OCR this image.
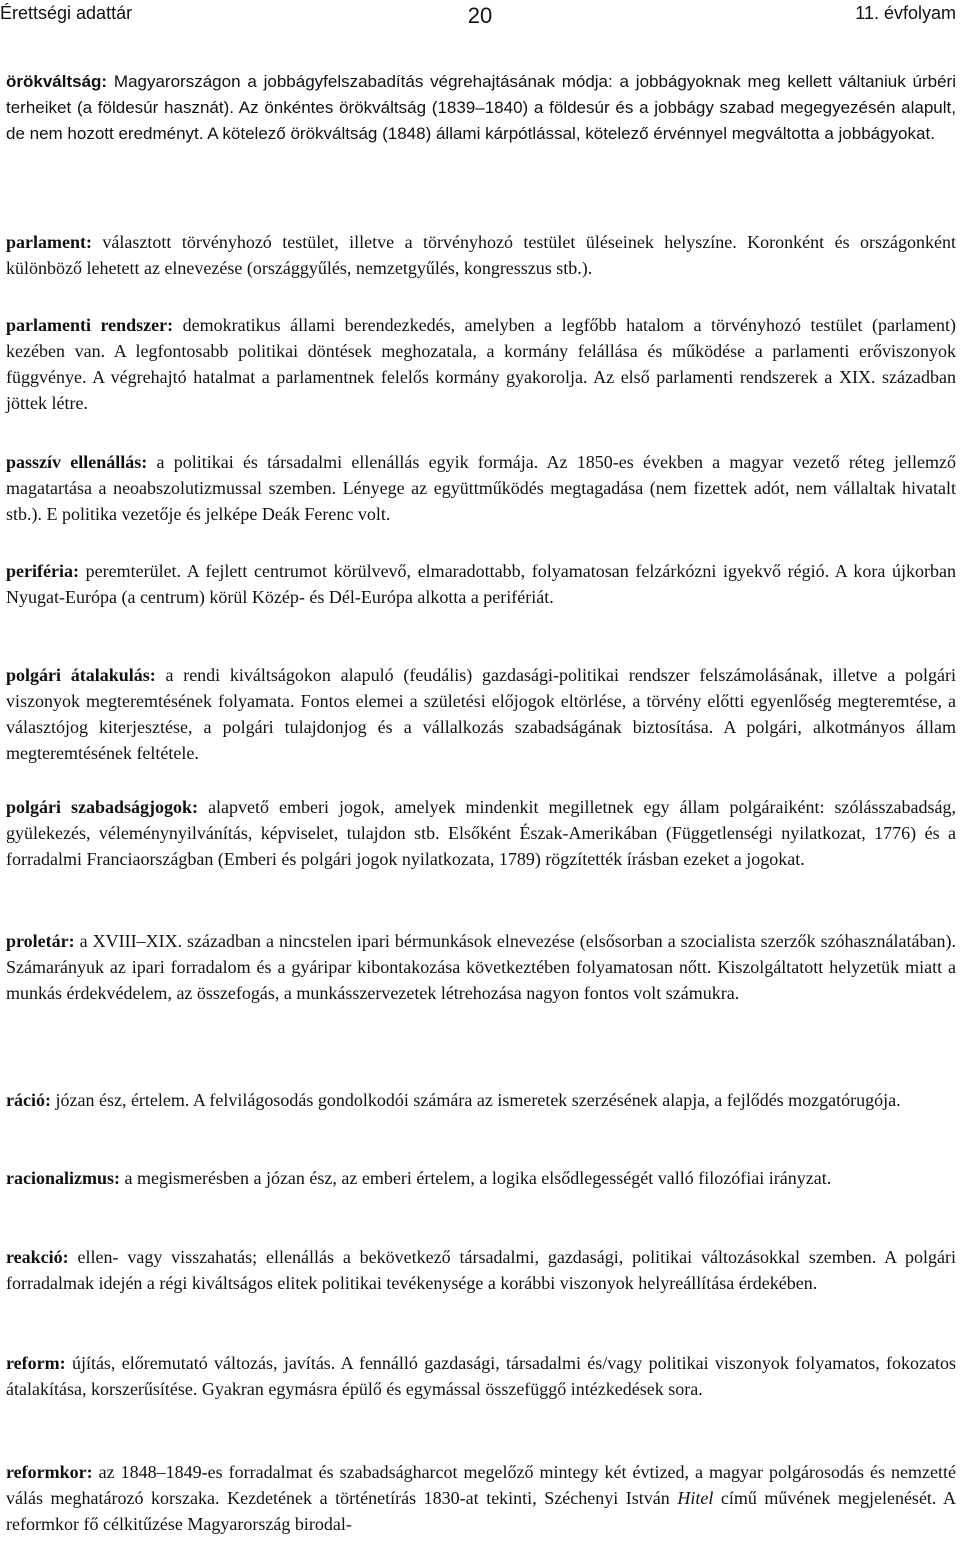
Érettségi adattár	20	11. évfolyam

örökváltság: Magyarországon a jobbágyfelszabadítás végrehajtásának módja: a jobbágyoknak meg kellett váltaniuk úrbéri terheiket (a földesúr hasznát). Az önkéntes örökváltság (1839–1840) a földesúr és a jobbágy szabad megegyezésén alapult, de nem hozott eredményt. A kötelező örökváltság (1848) állami kárpótlással, kötelező érvénnyel megváltotta a jobbágyokat.

parlament: választott törvényhozó testület, illetve a törvényhozó testület üléseinek helyszíne. Koronként és országonként különböző lehetett az elnevezése (országgyűlés, nemzetgyűlés, kongresszus stb.).

parlamenti rendszer: demokratikus állami berendezkedés, amelyben a legfőbb hatalom a törvényhozó testület (parlament) kezében van. A legfontosabb politikai döntések meghozatala, a kormány felállása és működése a parlamenti erőviszonyok függvénye. A végrehajtó hatalmat a parlamentnek felelős kormány gyakorolja. Az első parlamenti rendszerek a XIX. században jöttek létre.

passzív ellenállás: a politikai és társadalmi ellenállás egyik formája. Az 1850-es években a magyar vezető réteg jellemző magatartása a neoabszolutizmussal szemben. Lényege az együttműködés megtagadása (nem fizettek adót, nem vállaltak hivatalt stb.). E politika vezetője és jelképe Deák Ferenc volt.

periféria: peremterület. A fejlett centrumot körülvevő, elmaradottabb, folyamatosan felzárkózni igyekvő régió. A kora újkorban Nyugat-Európa (a centrum) körül Közép- és Dél-Európa alkotta a perifériát.

polgári átalakulás: a rendi kiváltságokon alapuló (feudális) gazdasági-politikai rendszer felszámolásának, illetve a polgári viszonyok megteremtésének folyamata. Fontos elemei a születési előjogok eltörlése, a törvény előtti egyenlőség megteremtése, a választójog kiterjesztése, a polgári tulajdonjog és a vállalkozás szabadságának biztosítása. A polgári, alkotmányos állam megteremtésének feltétele.

polgári szabadságjogok: alapvető emberi jogok, amelyek mindenkit megilletnek egy állam polgáraiként: szólásszabadság, gyülekezés, véleménynyilvánítás, képviselet, tulajdon stb. Elsőként Észak-Amerikában (Függetlenségi nyilatkozat, 1776) és a forradalmi Franciaországban (Emberi és polgári jogok nyilatkozata, 1789) rögzítették írásban ezeket a jogokat.

proletár: a XVIII–XIX. században a nincstelen ipari bérmunkások elnevezése (elsősorban a szocialista szerzők szóhasználatában). Számarányuk az ipari forradalom és a gyáripar kibontakozása következtében folyamatosan nőtt. Kiszolgáltatott helyzetük miatt a munkás érdekvédelem, az összefogás, a munkásszervezetek létrehozása nagyon fontos volt számukra.

ráció: józan ész, értelem. A felvilágosodás gondolkodói számára az ismeretek szerzésének alapja, a fejlődés mozgatórugója.

racionalizmus: a megismerésben a józan ész, az emberi értelem, a logika elsődlegességét valló filozófiai irányzat.

reakció: ellen- vagy visszahatás; ellenállás a bekövetkező társadalmi, gazdasági, politikai változásokkal szemben. A polgári forradalmak idején a régi kiváltságos elitek politikai tevékenysége a korábbi viszonyok helyreállítása érdekében.

reform: újítás, előremutató változás, javítás. A fennálló gazdasági, társadalmi és/vagy politikai viszonyok folyamatos, fokozatos átalakítása, korszerűsítése. Gyakran egymásra épülő és egymással összefüggő intézkedések sora.

reformkor: az 1848–1849-es forradalmat és szabadságharcot megelőző mintegy két évtized, a magyar polgárosodás és nemzetté válás meghatározó korszaka. Kezdetének a történetírás 1830-at tekinti, Széchenyi István Hitel című művének megjelenését. A reformkor fő célkitűzése Magyarország birodal-
